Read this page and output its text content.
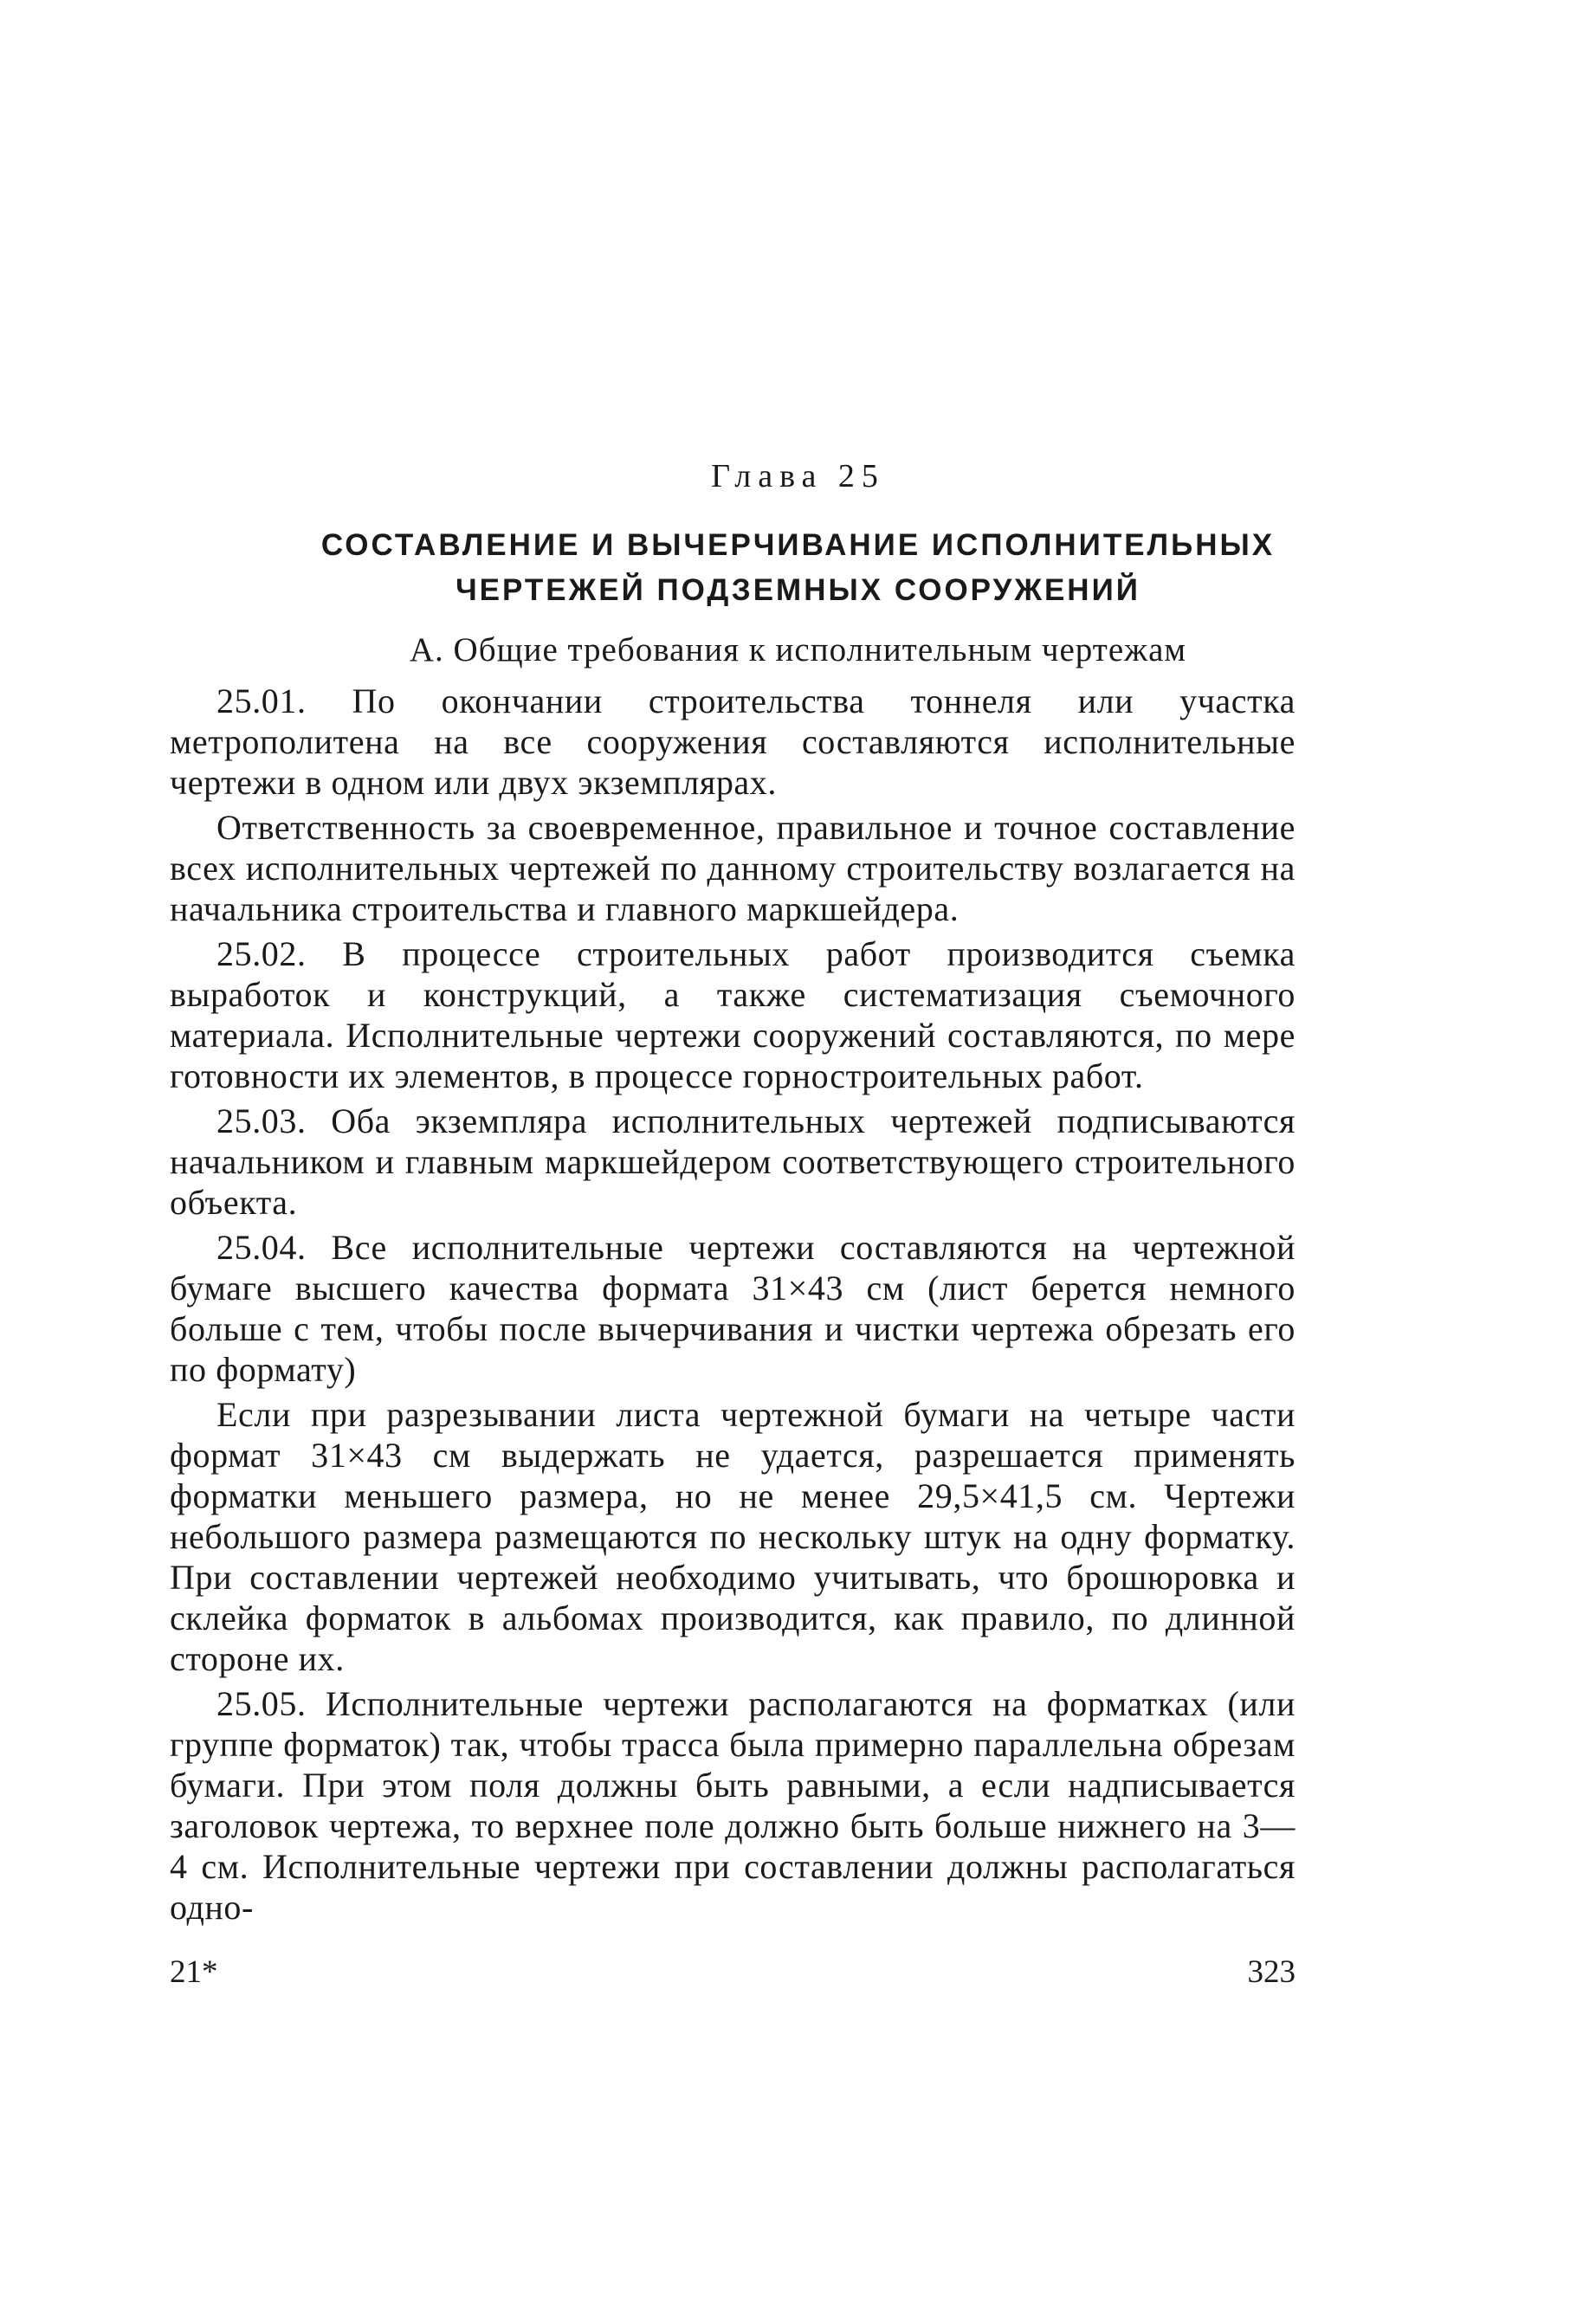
Глава 25
СОСТАВЛЕНИЕ И ВЫЧЕРЧИВАНИЕ ИСПОЛНИТЕЛЬНЫХ
ЧЕРТЕЖЕЙ ПОДЗЕМНЫХ СООРУЖЕНИЙ
А. Общие требования к исполнительным чертежам

25.01. По окончании строительства тоннеля или участка метрополитена на все сооружения составляются исполнительные чертежи в одном или двух экземплярах.

Ответственность за своевременное, правильное и точное составление всех исполнительных чертежей по данному строительству возлагается на начальника строительства и главного маркшейдера.

25.02. В процессе строительных работ производится съемка выработок и конструкций, а также систематизация съемочного материала. Исполнительные чертежи сооружений составляются, по мере готовности их элементов, в процессе горностроительных работ.

25.03. Оба экземпляра исполнительных чертежей подписываются начальником и главным маркшейдером соответствующего строительного объекта.

25.04. Все исполнительные чертежи составляются на чертежной бумаге высшего качества формата 31×43 см (лист берется немного больше с тем, чтобы после вычерчивания и чистки чертежа обрезать его по формату)

Если при разрезывании листа чертежной бумаги на четыре части формат 31×43 см выдержать не удается, разрешается применять форматки меньшего размера, но не менее 29,5×41,5 см. Чертежи небольшого размера размещаются по нескольку штук на одну форматку. При составлении чертежей необходимо учитывать, что брошюровка и склейка форматок в альбомах производится, как правило, по длинной стороне их.

25.05. Исполнительные чертежи располагаются на форматках (или группе форматок) так, чтобы трасса была примерно параллельна обрезам бумаги. При этом поля должны быть равными, а если надписывается заголовок чертежа, то верхнее поле должно быть больше нижнего на 3—4 см. Исполнительные чертежи при составлении должны располагаться одно-

21*	323
